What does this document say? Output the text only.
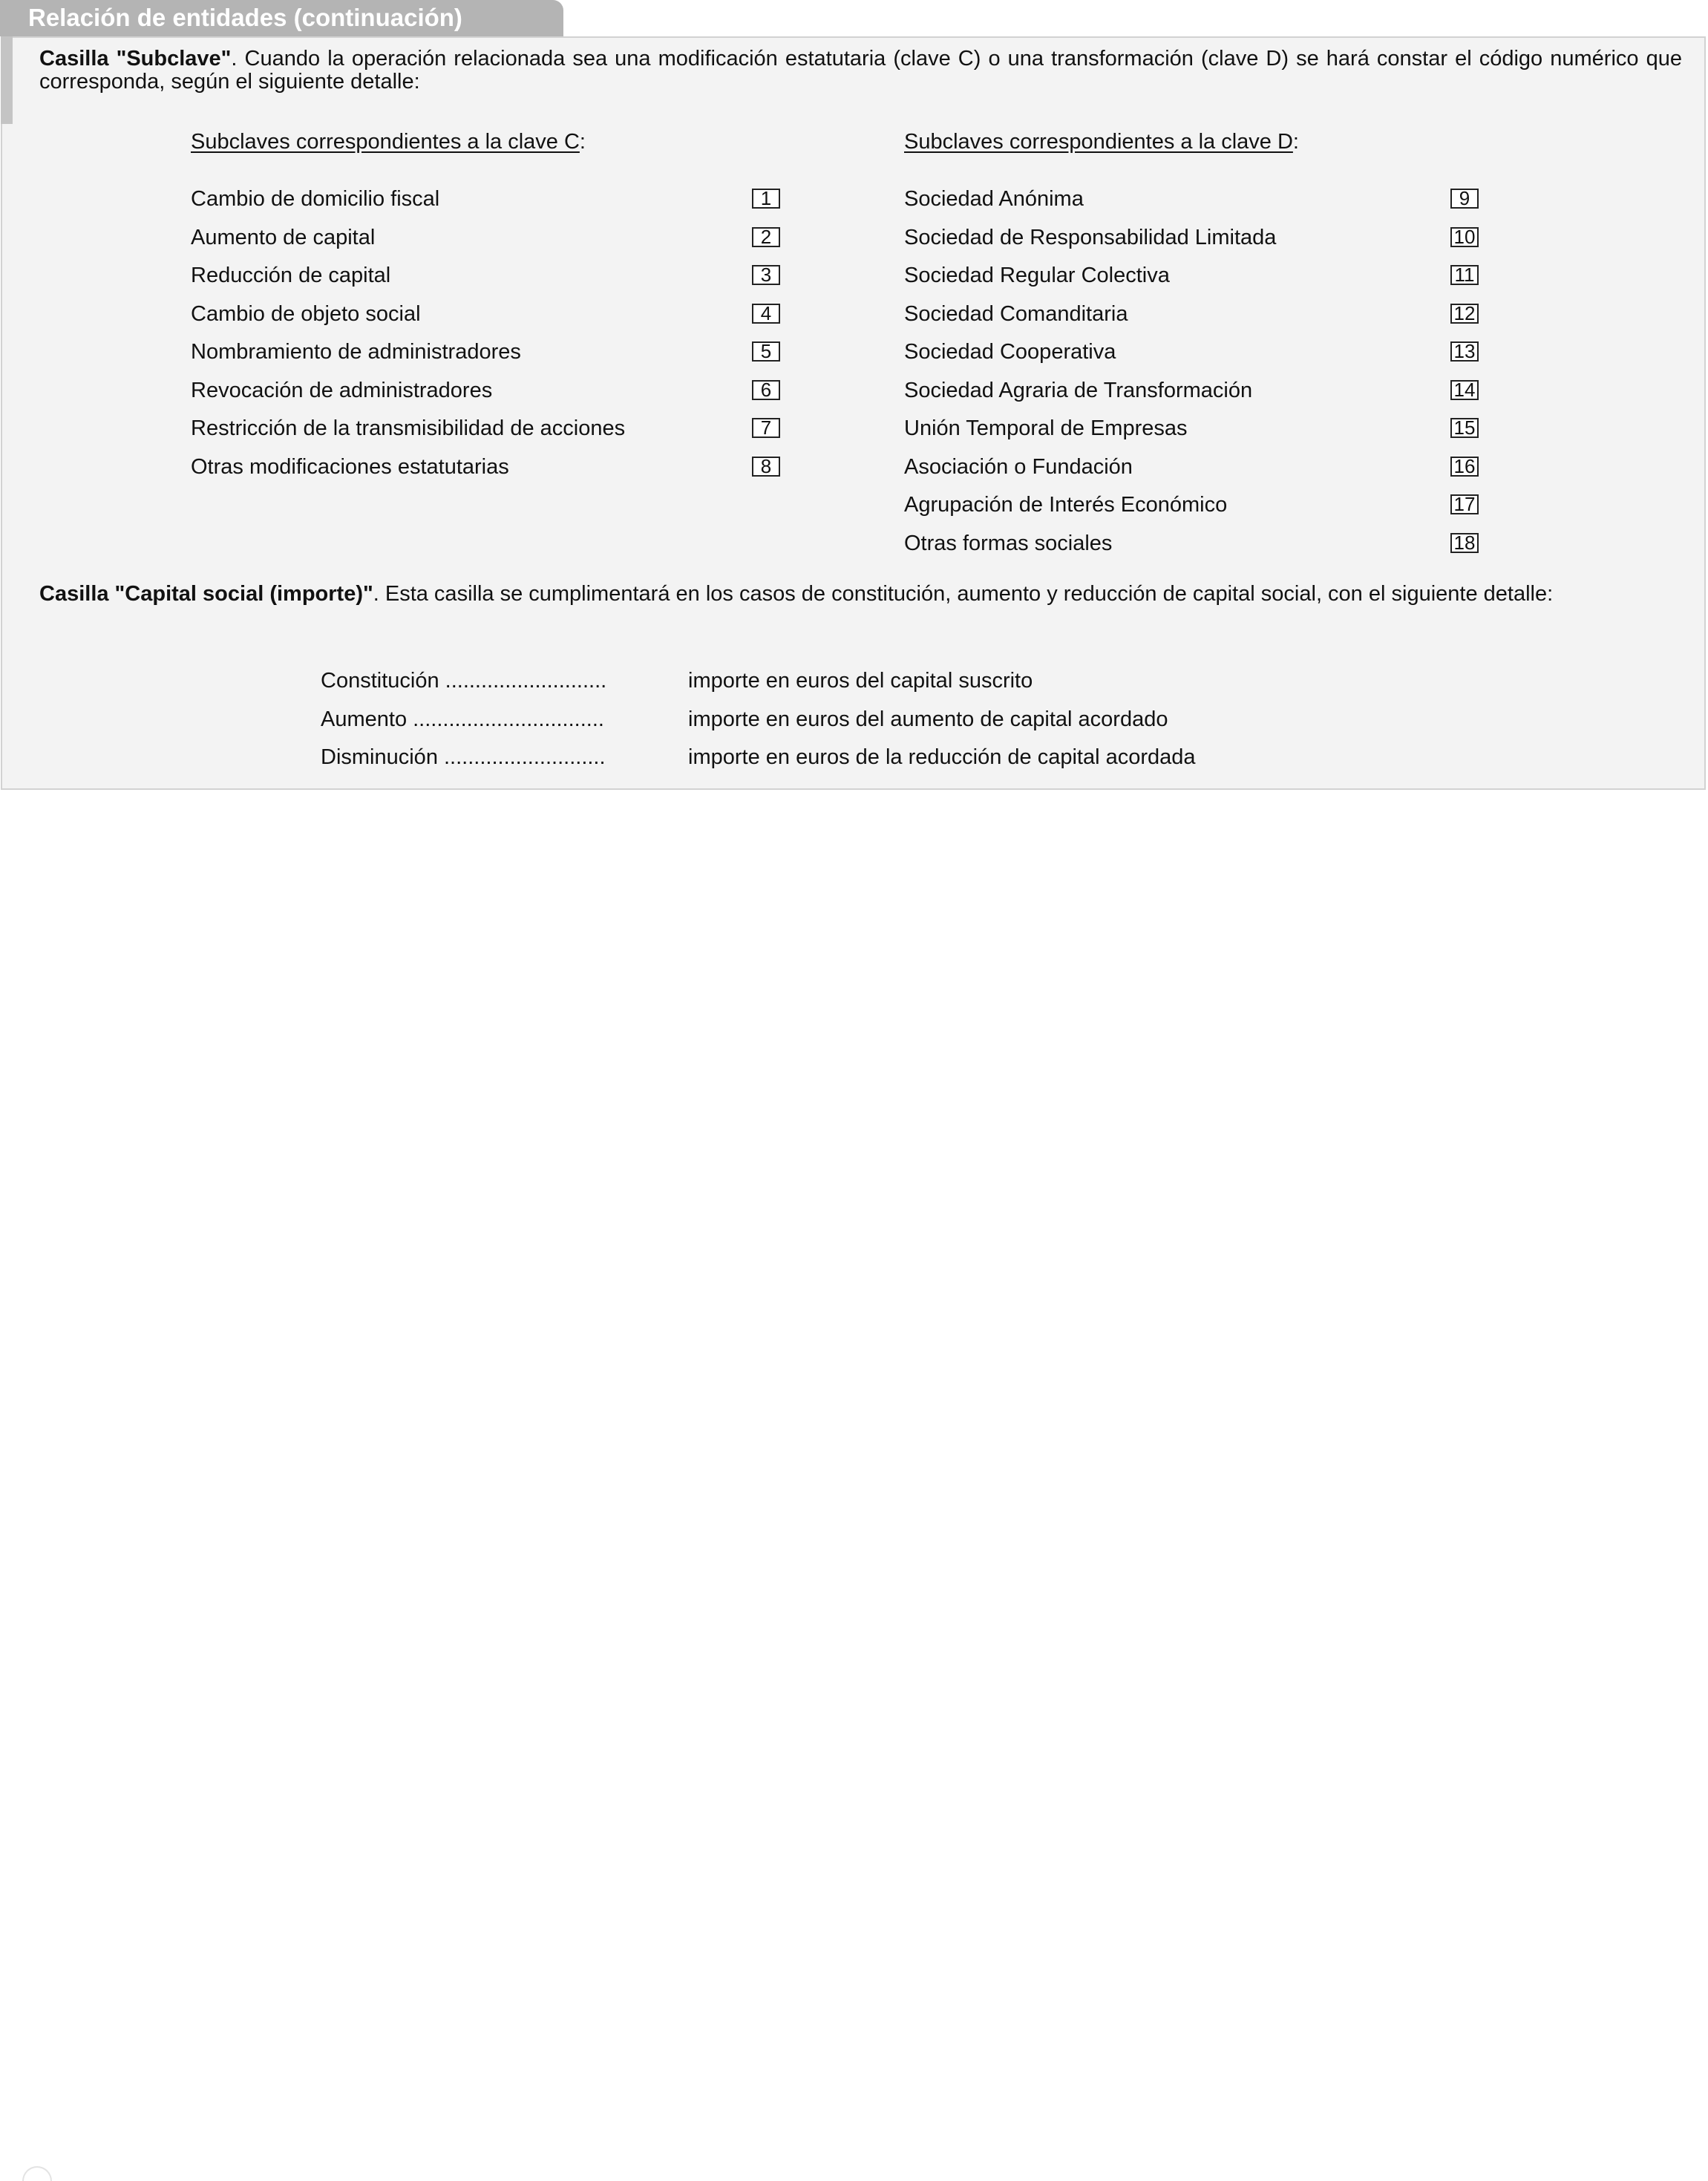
Relación de entidades (continuación)

Casilla "Subclave". Cuando la operación relacionada sea una modificación estatutaria (clave C) o una transformación (clave D) se hará constar el código numérico que corresponda, según el siguiente detalle:

Subclaves correspondientes a la clave C:	Subclaves correspondientes a la clave D:
Cambio de domicilio fiscal	1
Aumento de capital	2
Reducción de capital	3
Cambio de objeto social	4
Nombramiento de administradores	5
Revocación de administradores	6
Restricción de la transmisibilidad de acciones	7
Otras modificaciones estatutarias	8
Sociedad Anónima	9
Sociedad de Responsabilidad Limitada	10
Sociedad Regular Colectiva	11
Sociedad Comanditaria	12
Sociedad Cooperativa	13
Sociedad Agraria de Transformación	14
Unión Temporal de Empresas	15
Asociación o Fundación	16
Agrupación de Interés Económico	17
Otras formas sociales	18

Casilla "Capital social (importe)". Esta casilla se cumplimentará en los casos de constitución, aumento y reducción de capital social, con el siguiente detalle:

Constitución ...........................	importe en euros del capital suscrito
Aumento ................................	importe en euros del aumento de capital acordado
Disminución ...........................	importe en euros de la reducción de capital acordada
